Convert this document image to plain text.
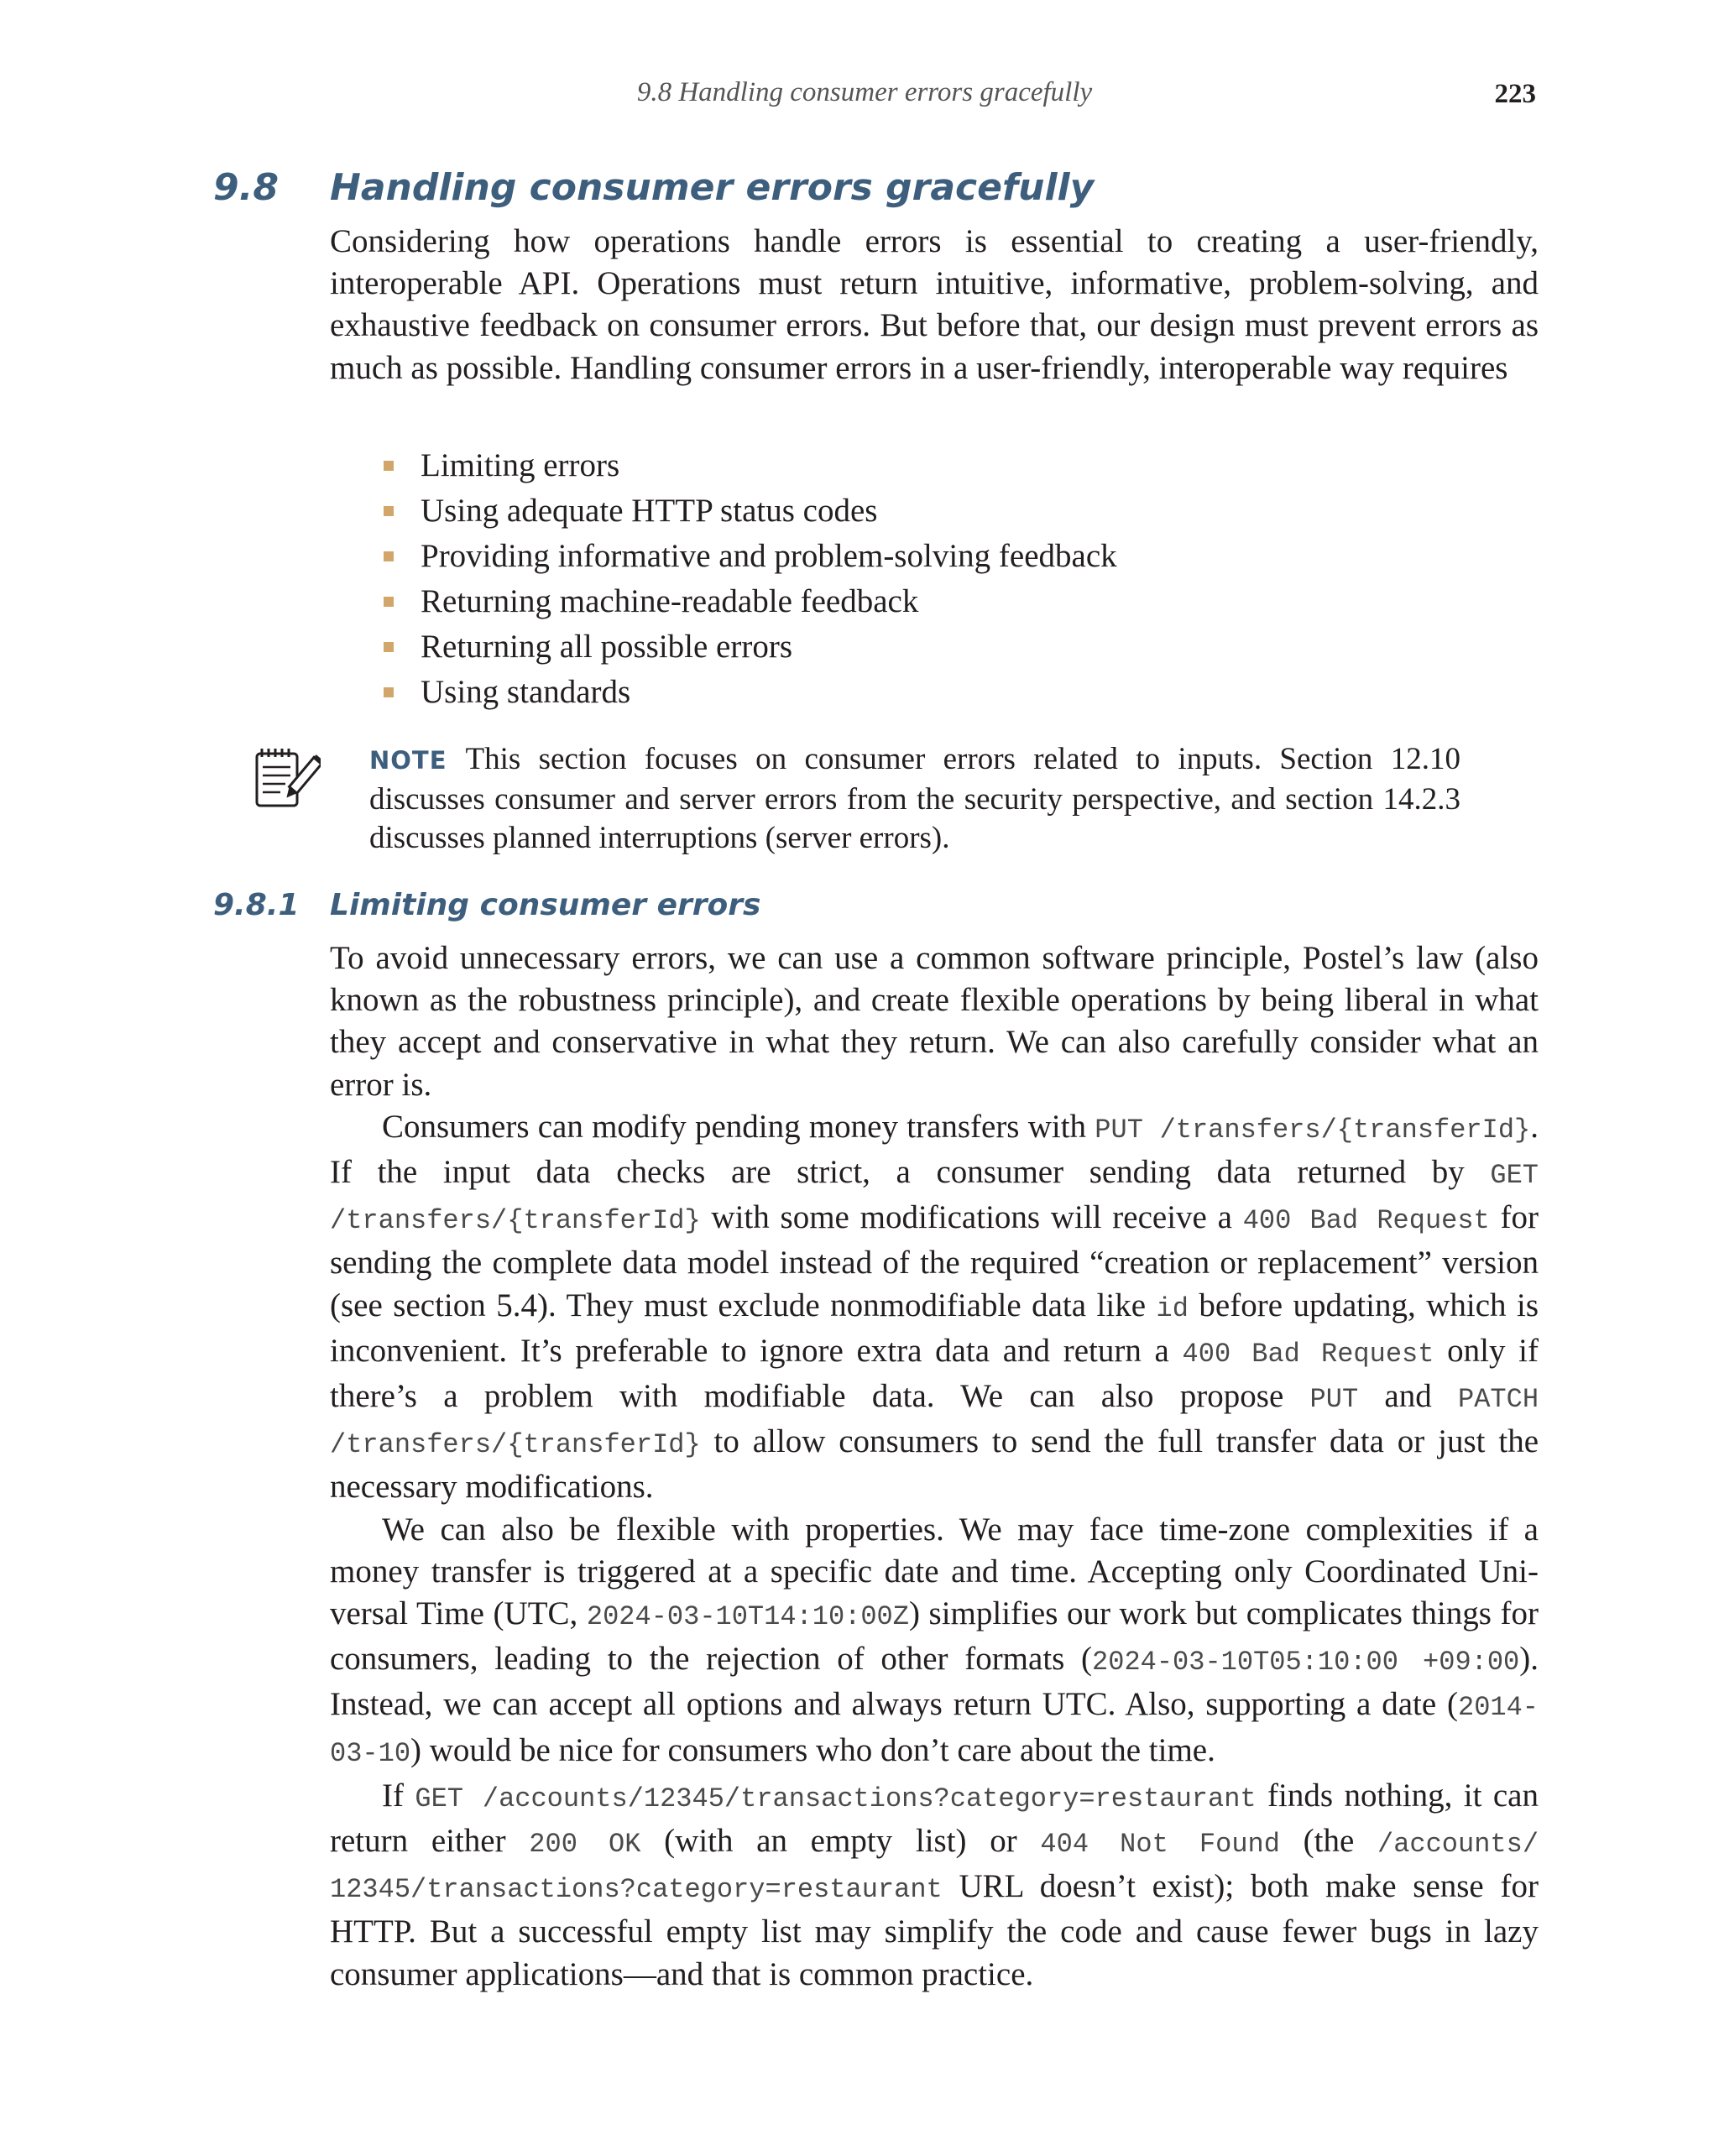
9.8 Handling consumer errors gracefully	223
9.8 Handling consumer errors gracefully

Considering how operations handle errors is essential to creating a user-friendly, interoperable API. Operations must return intuitive, informative, problem-solving, and exhaustive feedback on consumer errors. But before that, our design must prevent errors as much as possible. Handling consumer errors in a user-friendly, interoperable way requires

Limiting errors
Using adequate HTTP status codes
Providing informative and problem-solving feedback
Returning machine-readable feedback
Returning all possible errors
Using standards
NOTE This section focuses on consumer errors related to inputs. Section 12.10 discusses consumer and server errors from the security perspective, and section 14.2.3 discusses planned interruptions (server errors).
9.8.1 Limiting consumer errors

To avoid unnecessary errors, we can use a common software principle, Postel’s law (also known as the robustness principle), and create flexible operations by being liberal in what they accept and conservative in what they return. We can also carefully consider what an error is.

Consumers can modify pending money transfers with PUT /transfers/{transferId}. If the input data checks are strict, a consumer sending data returned by GET /transfers/{transferId} with some modifications will receive a 400 Bad Request for sending the complete data model instead of the required “creation or replacement” version (see section 5.4). They must exclude nonmodifiable data like id before updating, which is inconvenient. It’s preferable to ignore extra data and return a 400 Bad Request only if there’s a problem with modifiable data. We can also propose PUT and PATCH /transfers/{transferId} to allow consumers to send the full transfer data or just the necessary modifications.

We can also be flexible with properties. We may face time-zone complexities if a money transfer is triggered at a specific date and time. Accepting only Coordinated Universal Time (UTC, 2024-03-10T14:10:00Z) simplifies our work but complicates things for consumers, leading to the rejection of other formats (2024-03-10T05:10:00 +09:00). Instead, we can accept all options and always return UTC. Also, supporting a date (2014-03-10) would be nice for consumers who don’t care about the time.

If GET /accounts/12345/transactions?category=restaurant finds nothing, it can return either 200 OK (with an empty list) or 404 Not Found (the /accounts/ 12345/transactions?category=restaurant URL doesn’t exist); both make sense for HTTP. But a successful empty list may simplify the code and cause fewer bugs in lazy consumer applications—and that is common practice.
